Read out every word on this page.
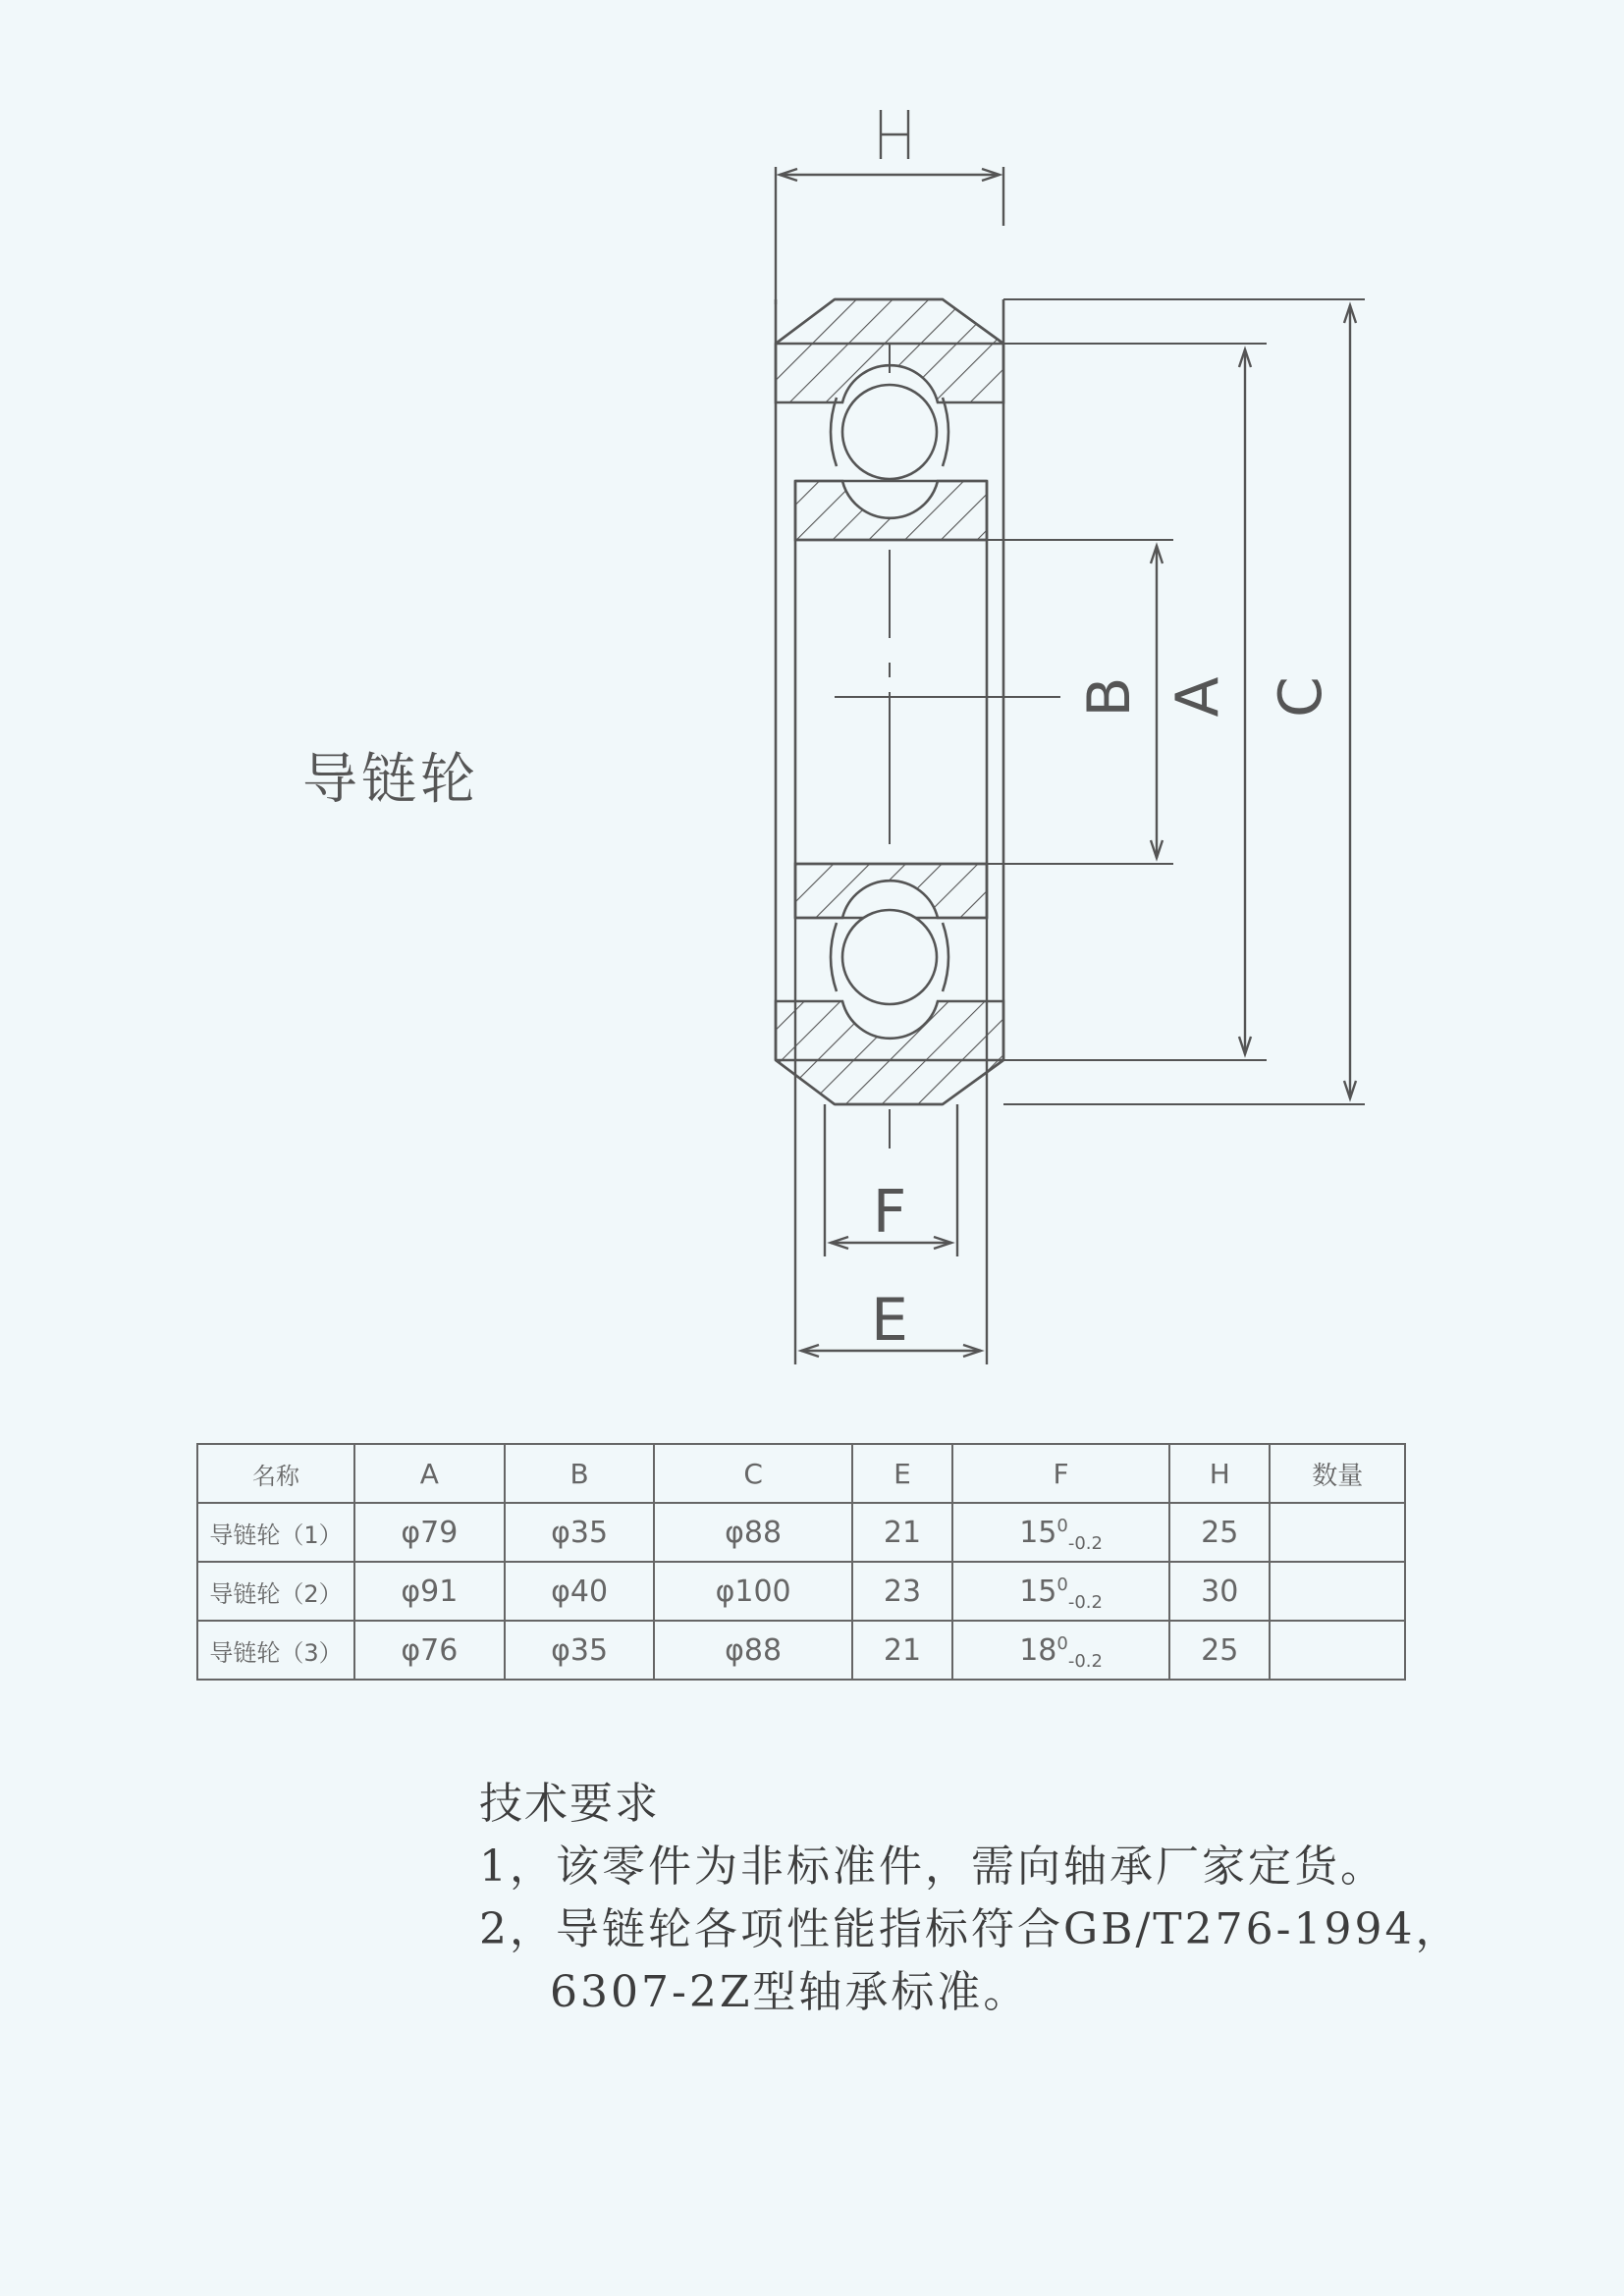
导链轮
B A C
F
E
H
名称	A	B	C	E	F	H	数量
导链轮（1）	φ79	φ35	φ88	21	$15^0_{-0.2}$	25	
导链轮（2）	φ91	φ40	φ100	23	$15^0_{-0.2}$	30	
导链轮（3）	φ76	φ35	φ88	21	$18^0_{-0.2}$	25	
技术要求
1，该零件为非标准件，需向轴承厂家定货。
2，导链轮各项性能指标符合GB/T276-1994，
6307-2Z型轴承标准。
